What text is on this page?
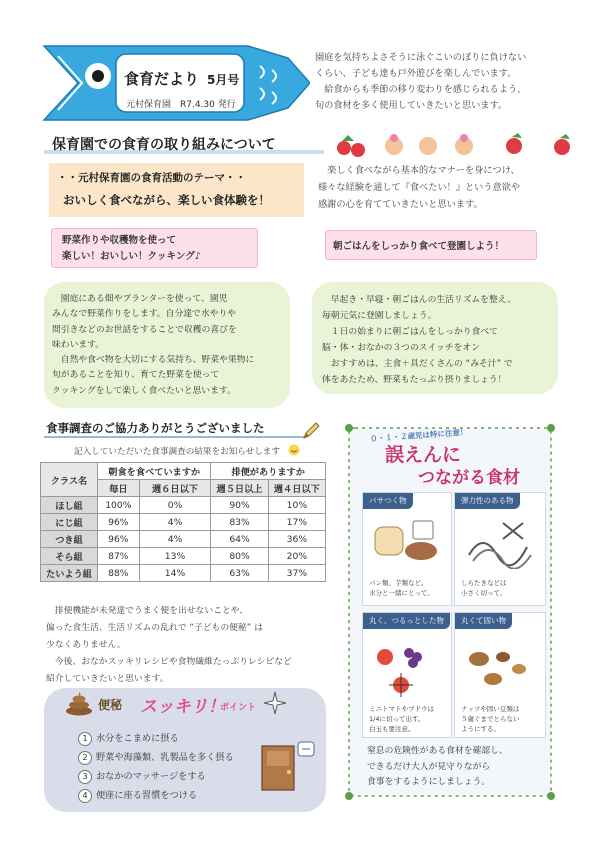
食育だより 5月号
元村保育園　R7.4.30 発行

園庭を気持ちよさそうに泳ぐこいのぼりに負けない

くらい、子ども達も戸外遊びを楽しんでいます。

　給食からも季節の移り変わりを感じられるよう、

旬の食材を多く使用していきたいと思います。

保育園での食育の取り組みについて
・・元村保育園の食育活動のテーマ・・
おいしく食べながら、楽しい食体験を！

　楽しく食べながら基本的なマナーを身につけ、

様々な経験を通して『食べたい！』という意欲や

感謝の心を育てていきたいと思います。

野菜作りや収穫物を使って
楽しい！おいしい！クッキング♪
朝ごはんをしっかり食べて登園しよう！

　園庭にある畑やプランターを使って、園児

みんなで野菜作りをします。自分達で水やりや

間引きなどのお世話をすることで収穫の喜びを

味わいます。

　自然や食べ物を大切にする気持ち、野菜や果物に

旬があることを知り、育てた野菜を使って

クッキングをして楽しく食べたいと思います。

　早起き・早寝・朝ごはんの生活リズムを整え、

毎朝元気に登園しましょう。

　１日の始まりに朝ごはんをしっかり食べて

脳・体・おなかの３つのスイッチをオン

　おすすめは、主食＋具だくさんの “みそ汁” で

体をあたため、野菜もたっぷり摂りましょう！

食事調査のご協力ありがとうございました
記入していただいた食事調査の結果をお知らせします
クラス名	朝食を食べていますか		排便がありますか	
	毎日	週６日以下	週５日以上	週４日以下
ほし組	100%	0%	90%	10%
にじ組	96%	4%	83%	17%
つき組	96%	4%	64%	36%
そら組	87%	13%	80%	20%
たいよう組	88%	14%	63%	37%

　排便機能が未発達でうまく便を出せないことや、

偏った食生活、生活リズムの乱れで “子どもの便秘” は

少なくありません。

　今後、おなかスッキリレシピや食物繊維たっぷりレシピなど

紹介していきたいと思います。

便秘 スッキリ！
ポイント
1 水分をこまめに摂る
2 野菜や海藻類、乳製品を多く摂る
3 おなかのマッサージをする
4 便座に座る習慣をつける
０・１・２歳児は特に注意！
誤えんに
つながる食材
パサつく物
パン類、芋類など。
水分と一緒にとって。
弾力性のある物
しらたきなどは
小さく切って。
丸く、つるっとした物
ミニトマトやブドウは
1/4に切って出す。
白玉も要注意。
丸くて固い物
ナッツや固い豆類は
５歳ぐまでとらない
ようにする。

窒息の危険性がある食材を確認し、

できるだけ大人が見守りながら

食事をするようにしましょう。
